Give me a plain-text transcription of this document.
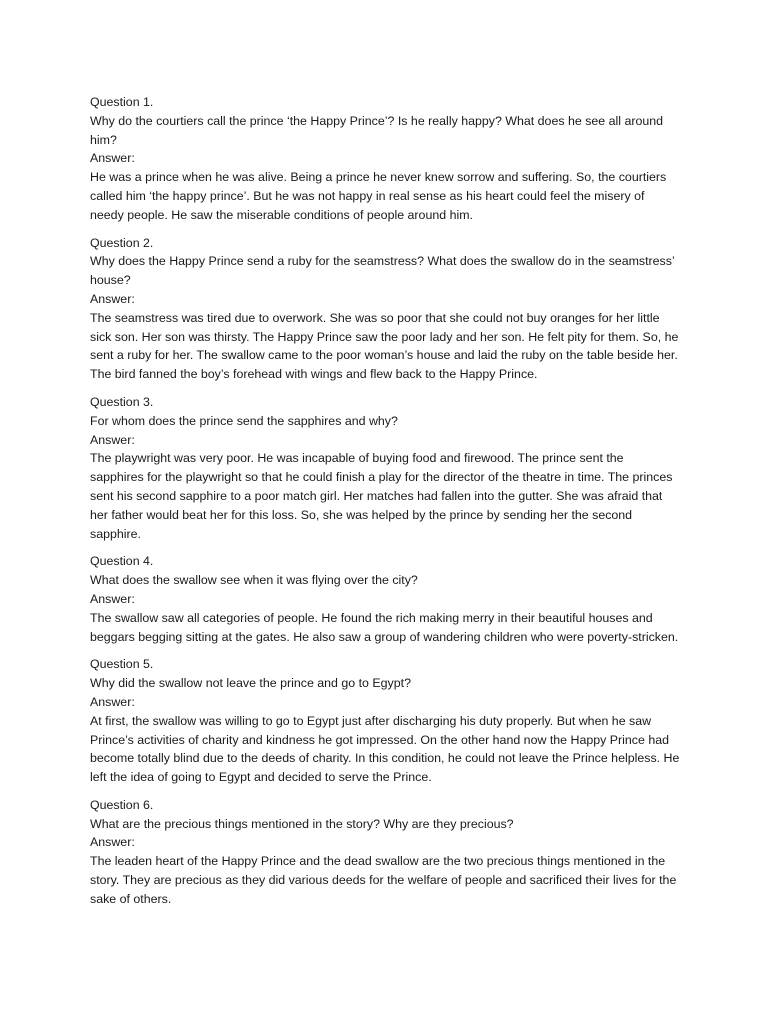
Question 1.

Why do the courtiers call the prince ‘the Happy Prince’? Is he really happy? What does he see all around him?

Answer:

He was a prince when he was alive. Being a prince he never knew sorrow and suffering. So, the courtiers called him ‘the happy prince’. But he was not happy in real sense as his heart could feel the misery of needy people. He saw the miserable conditions of people around him.

Question 2.

Why does the Happy Prince send a ruby for the seamstress? What does the swallow do in the seamstress’ house?

Answer:

The seamstress was tired due to overwork. She was so poor that she could not buy oranges for her little sick son. Her son was thirsty. The Happy Prince saw the poor lady and her son. He felt pity for them. So, he sent a ruby for her. The swallow came to the poor woman’s house and laid the ruby on the table beside her. The bird fanned the boy’s forehead with wings and flew back to the Happy Prince.

Question 3.

For whom does the prince send the sapphires and why?

Answer:

The playwright was very poor. He was incapable of buying food and firewood. The prince sent the sapphires for the playwright so that he could finish a play for the director of the theatre in time. The princes sent his second sapphire to a poor match girl. Her matches had fallen into the gutter. She was afraid that her father would beat her for this loss. So, she was helped by the prince by sending her the second sapphire.

Question 4.

What does the swallow see when it was flying over the city?

Answer:

The swallow saw all categories of people. He found the rich making merry in their beautiful houses and beggars begging sitting at the gates. He also saw a group of wandering children who were poverty-stricken.

Question 5.

Why did the swallow not leave the prince and go to Egypt?

Answer:

At first, the swallow was willing to go to Egypt just after discharging his duty properly. But when he saw Prince’s activities of charity and kindness he got impressed. On the other hand now the Happy Prince had become totally blind due to the deeds of charity. In this condition, he could not leave the Prince helpless. He left the idea of going to Egypt and decided to serve the Prince.

Question 6.

What are the precious things mentioned in the story? Why are they precious?

Answer:

The leaden heart of the Happy Prince and the dead swallow are the two precious things mentioned in the story. They are precious as they did various deeds for the welfare of people and sacrificed their lives for the sake of others.
